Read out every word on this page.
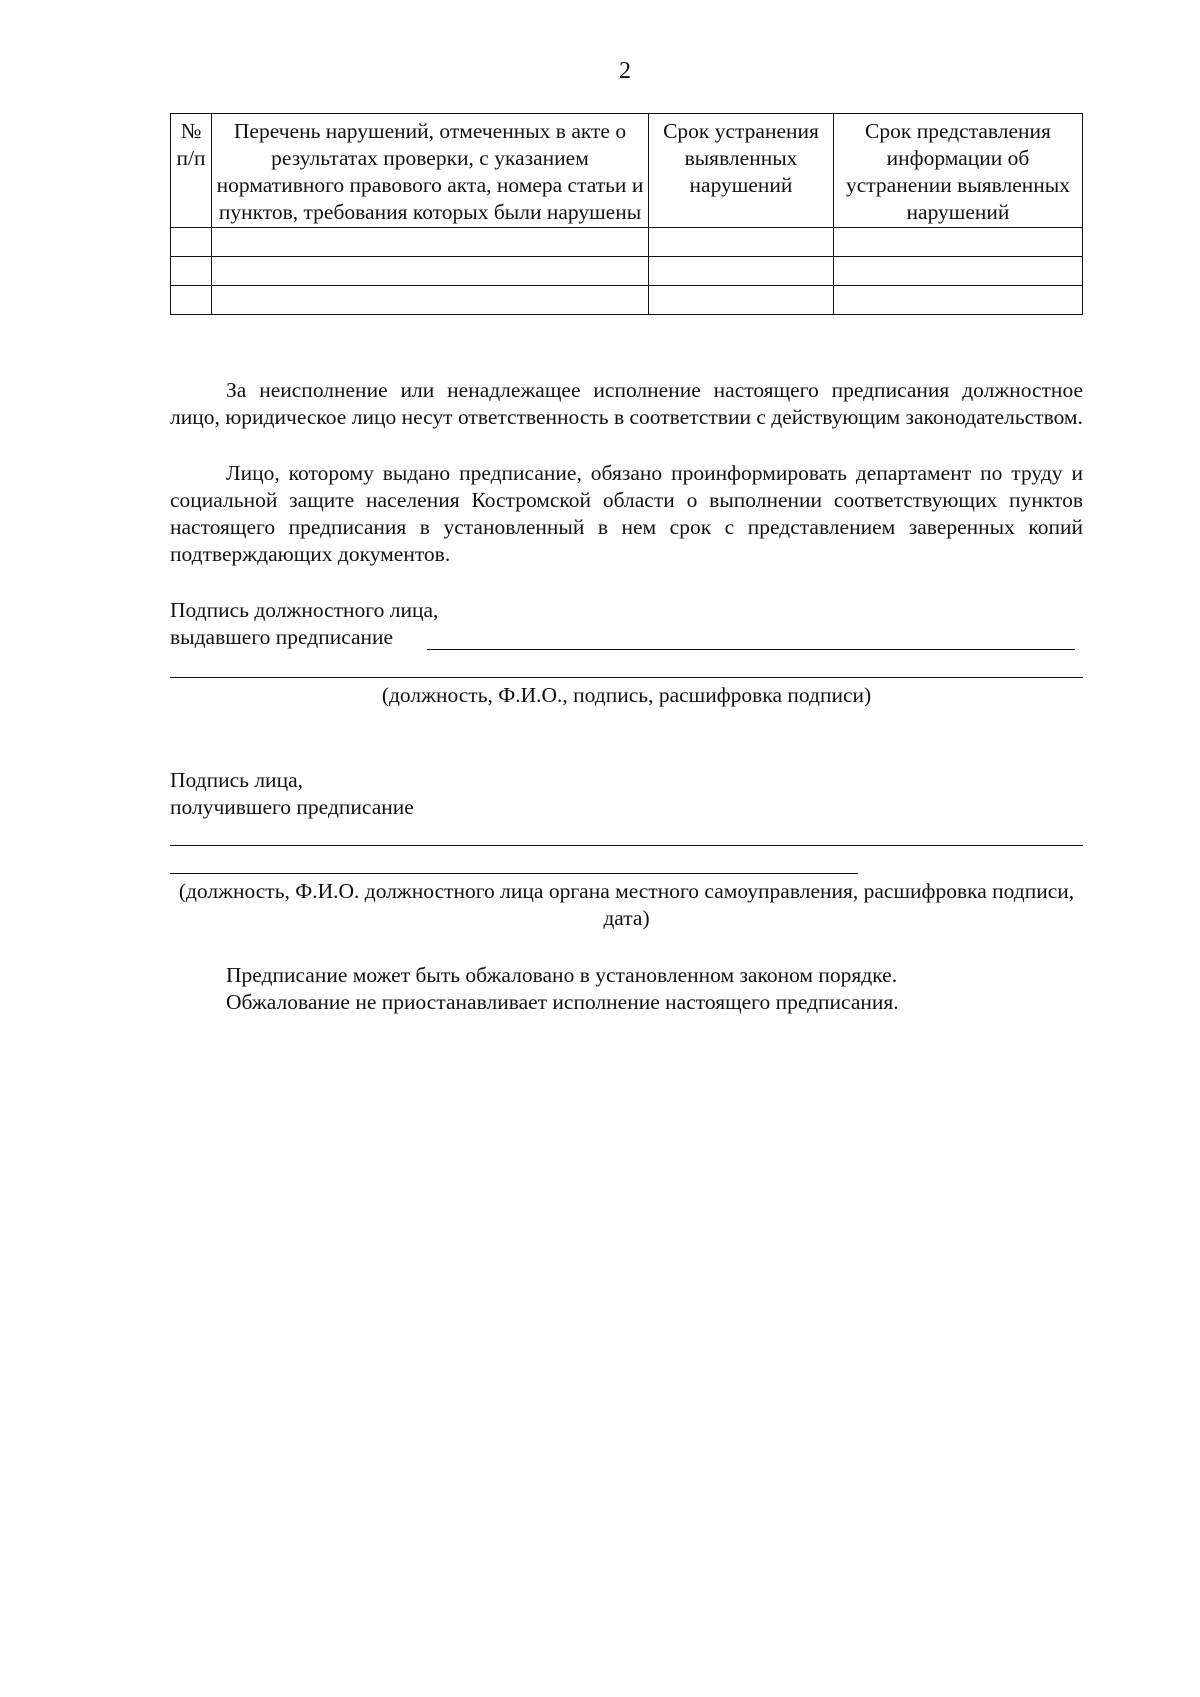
2
№ п/п	Перечень нарушений, отмеченных в акте о результатах проверки, с указанием нормативного правового акта, номера статьи и пунктов, требования которых были нарушены	Срок устранения выявленных нарушений	Срок представления информации об устранении выявленных нарушений

За неисполнение или ненадлежащее исполнение настоящего предписания должностное лицо, юридическое лицо несут ответственность в соответствии с действующим законодательством.

Лицо, которому выдано предписание, обязано проинформировать департамент по труду и социальной защите населения Костромской области о выполнении соответствующих пунктов настоящего предписания в установленный в нем срок с представлением заверенных копий подтверждающих документов.

Подпись должностного лица,
выдавшего предписание
(должность, Ф.И.О., подпись, расшифровка подписи)
Подпись лица,
получившего предписание
(должность, Ф.И.О. должностного лица органа местного самоуправления, расшифровка подписи, дата)
Предписание может быть обжаловано в установленном законом порядке.
Обжалование не приостанавливает исполнение настоящего предписания.
